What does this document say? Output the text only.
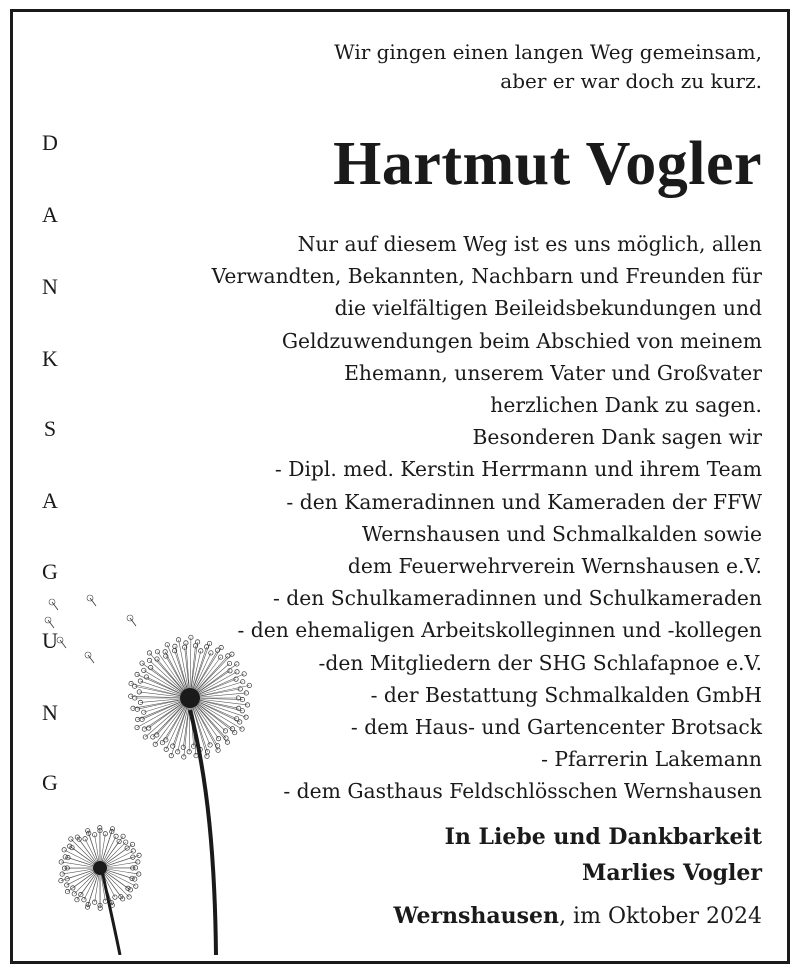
Wir gingen einen langen Weg gemeinsam,
aber er war doch zu kurz.
Hartmut Vogler
D
A
N
K
S
A
G
U
N
G
Nur auf diesem Weg ist es uns möglich, allen
Verwandten, Bekannten, Nachbarn und Freunden für
die vielfältigen Beileidsbekundungen und
Geldzuwendungen beim Abschied von meinem
Ehemann, unserem Vater und Großvater
herzlichen Dank zu sagen.
Besonderen Dank sagen wir
- Dipl. med. Kerstin Herrmann und ihrem Team
- den Kameradinnen und Kameraden der FFW
Wernshausen und Schmalkalden sowie
dem Feuerwehrverein Wernshausen e.V.
- den Schulkameradinnen und Schulkameraden
- den ehemaligen Arbeitskolleginnen und -kollegen
-den Mitgliedern der SHG Schlafapnoe e.V.
- der Bestattung Schmalkalden GmbH
- dem Haus- und Gartencenter Brotsack
- Pfarrerin Lakemann
- dem Gasthaus Feldschlösschen Wernshausen
In Liebe und Dankbarkeit
Marlies Vogler
Wernshausen, im Oktober 2024
